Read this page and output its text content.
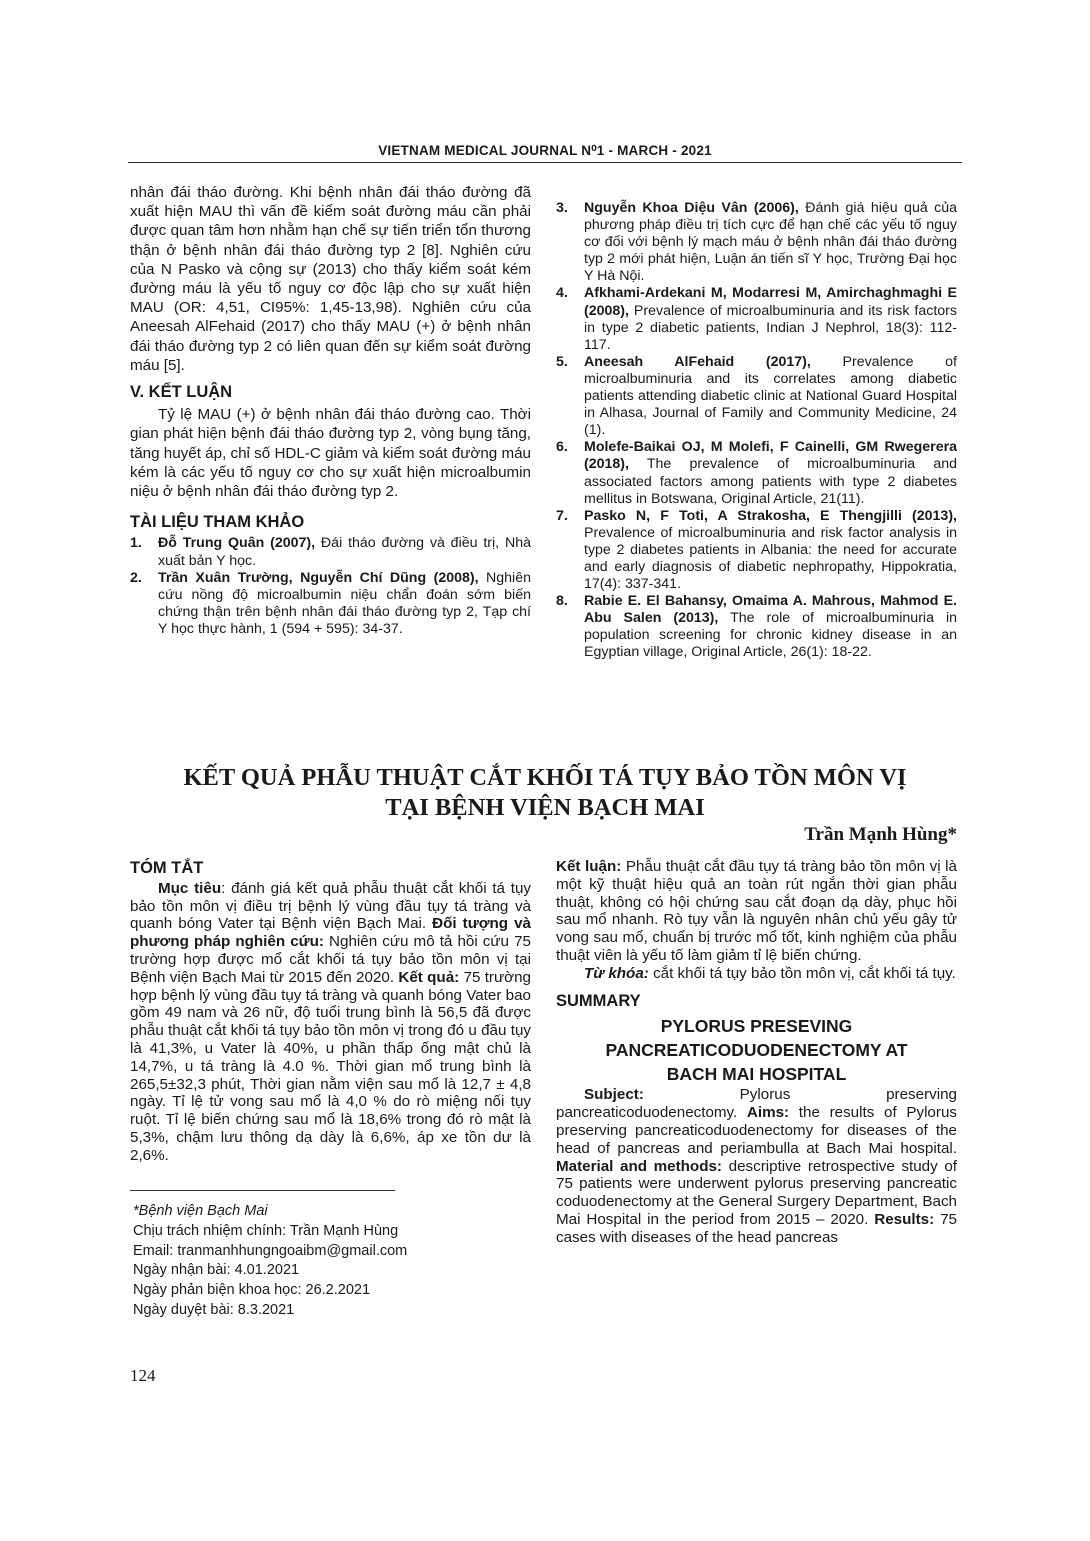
VIETNAM MEDICAL JOURNAL N⁰1 - MARCH - 2021

nhân đái tháo đường. Khi bệnh nhân đái tháo đường đã xuất hiện MAU thì vấn đề kiểm soát đường máu cần phải được quan tâm hơn nhằm hạn chế sự tiến triển tổn thương thận ở bệnh nhân đái tháo đường typ 2 [8]. Nghiên cứu của N Pasko và cộng sự (2013) cho thấy kiểm soát kém đường máu là yếu tố nguy cơ độc lập cho sự xuất hiện MAU (OR: 4,51, CI95%: 1,45-13,98). Nghiên cứu của Aneesah AlFehaid (2017) cho thấy MAU (+) ở bệnh nhân đái tháo đường typ 2 có liên quan đến sự kiểm soát đường máu [5].

V. KẾT LUẬN

Tỷ lệ MAU (+) ở bệnh nhân đái tháo đường cao. Thời gian phát hiện bệnh đái tháo đường typ 2, vòng bụng tăng, tăng huyết áp, chỉ số HDL-C giảm và kiểm soát đường máu kém là các yếu tố nguy cơ cho sự xuất hiện microalbumin niệu ở bệnh nhân đái tháo đường typ 2.

TÀI LIỆU THAM KHẢO
1. Đỗ Trung Quân (2007), Đái tháo đường và điều trị, Nhà xuất bản Y học.
2. Trần Xuân Trường, Nguyễn Chí Dũng (2008), Nghiên cứu nồng độ microalbumin niệu chẩn đoán sớm biến chứng thận trên bệnh nhân đái tháo đường typ 2, Tạp chí Y học thực hành, 1 (594 + 595): 34-37.
3. Nguyễn Khoa Diệu Vân (2006), Đánh giá hiệu quả của phương pháp điều trị tích cực để hạn chế các yếu tố nguy cơ đối với bệnh lý mạch máu ở bệnh nhân đái tháo đường typ 2 mới phát hiện, Luận án tiến sĩ Y học, Trường Đại học Y Hà Nội.
4. Afkhami-Ardekani M, Modarresi M, Amirchaghmaghi E (2008), Prevalence of microalbuminuria and its risk factors in type 2 diabetic patients, Indian J Nephrol, 18(3): 112-117.
5. Aneesah AlFehaid (2017), Prevalence of microalbuminuria and its correlates among diabetic patients attending diabetic clinic at National Guard Hospital in Alhasa, Journal of Family and Community Medicine, 24 (1).
6. Molefe-Baikai OJ, M Molefi, F Cainelli, GM Rwegerera (2018), The prevalence of microalbuminuria and associated factors among patients with type 2 diabetes mellitus in Botswana, Original Article, 21(11).
7. Pasko N, F Toti, A Strakosha, E Thengjilli (2013), Prevalence of microalbuminuria and risk factor analysis in type 2 diabetes patients in Albania: the need for accurate and early diagnosis of diabetic nephropathy, Hippokratia, 17(4): 337-341.
8. Rabie E. El Bahansy, Omaima A. Mahrous, Mahmod E. Abu Salen (2013), The role of microalbuminuria in population screening for chronic kidney disease in an Egyptian village, Original Article, 26(1): 18-22.
KẾT QUẢ PHẪU THUẬT CẮT KHỐI TÁ TỤY BẢO TỒN MÔN VỊ
TẠI BỆNH VIỆN BẠCH MAI
Trần Mạnh Hùng*
TÓM TẮT

Mục tiêu: đánh giá kết quả phẫu thuật cắt khối tá tụy bảo tồn môn vị điều trị bệnh lý vùng đầu tụy tá tràng và quanh bóng Vater tại Bệnh viện Bạch Mai. Đối tượng và phương pháp nghiên cứu: Nghiên cứu mô tả hồi cứu 75 trường hợp được mổ cắt khối tá tụy bảo tồn môn vị tại Bệnh viện Bạch Mai từ 2015 đến 2020. Kết quả: 75 trường hợp bệnh lý vùng đầu tụy tá tràng và quanh bóng Vater bao gồm 49 nam và 26 nữ, độ tuổi trung bình là 56,5 đã được phẫu thuật cắt khối tá tụy bảo tồn môn vị trong đó u đầu tụy là 41,3%, u Vater là 40%, u phần thấp ống mật chủ là 14,7%, u tá tràng là 4.0 %. Thời gian mổ trung bình là 265,5±32,3 phút, Thời gian nằm viện sau mổ là 12,7 ± 4,8 ngày. Tỉ lệ tử vong sau mổ là 4,0 % do rò miệng nối tụy ruột. Tỉ lệ biến chứng sau mổ là 18,6% trong đó rò mật là 5,3%, chậm lưu thông dạ dày là 6,6%, áp xe tồn dư là 2,6%.

Kết luận: Phẫu thuật cắt đầu tụy tá tràng bảo tồn môn vị là một kỹ thuật hiệu quả an toàn rút ngắn thời gian phẫu thuật, không có hội chứng sau cắt đoạn dạ dày, phục hồi sau mổ nhanh. Rò tụy vẫn là nguyên nhân chủ yếu gây tử vong sau mổ, chuẩn bị trước mổ tốt, kinh nghiệm của phẫu thuật viên là yếu tố làm giảm tỉ lệ biến chứng.

Từ khóa: cắt khối tá tụy bảo tồn môn vị, cắt khối tá tụy.

SUMMARY
PYLORUS PRESEVING
PANCREATICODUODENECTOMY AT
BACH MAI HOSPITAL

Subject: Pylorus preserving pancreaticoduodenectomy. Aims: the results of Pylorus preserving pancreaticoduodenectomy for diseases of the head of pancreas and periambulla at Bach Mai hospital. Material and methods: descriptive retrospective study of 75 patients were underwent pylorus preserving pancreatic coduodenectomy at the General Surgery Department, Bach Mai Hospital in the period from 2015 – 2020. Results: 75 cases with diseases of the head pancreas

*Bệnh viện Bạch Mai
Chịu trách nhiệm chính: Trần Mạnh Hùng
Email: tranmanhhungngoaibm@gmail.com
Ngày nhận bài: 4.01.2021
Ngày phản biện khoa học: 26.2.2021
Ngày duyệt bài: 8.3.2021
124
